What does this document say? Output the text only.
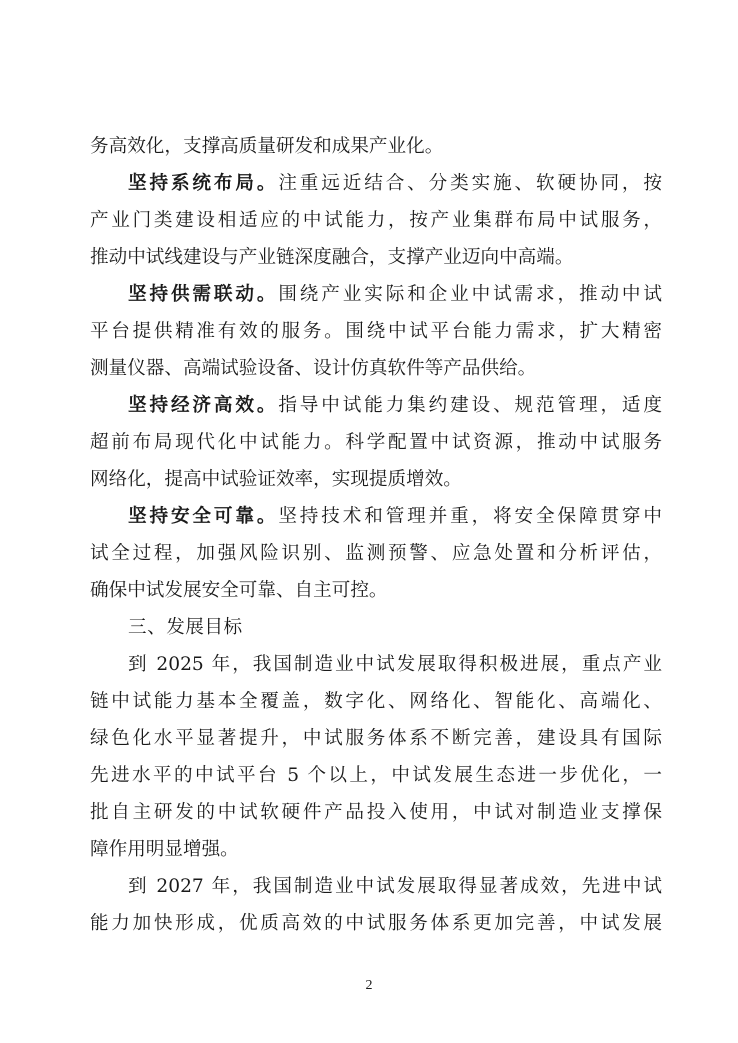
务高效化，支撑高质量研发和成果产业化。
坚持系统布局。注重远近结合、分类实施、软硬协同，按
产业门类建设相适应的中试能力，按产业集群布局中试服务，
推动中试线建设与产业链深度融合，支撑产业迈向中高端。
坚持供需联动。围绕产业实际和企业中试需求，推动中试
平台提供精准有效的服务。围绕中试平台能力需求，扩大精密
测量仪器、高端试验设备、设计仿真软件等产品供给。
坚持经济高效。指导中试能力集约建设、规范管理，适度
超前布局现代化中试能力。科学配置中试资源，推动中试服务
网络化，提高中试验证效率，实现提质增效。
坚持安全可靠。坚持技术和管理并重，将安全保障贯穿中
试全过程，加强风险识别、监测预警、应急处置和分析评估，
确保中试发展安全可靠、自主可控。
三、发展目标
到 2025 年，我国制造业中试发展取得积极进展，重点产业
链中试能力基本全覆盖，数字化、网络化、智能化、高端化、
绿色化水平显著提升，中试服务体系不断完善，建设具有国际
先进水平的中试平台 5 个以上，中试发展生态进一步优化，一
批自主研发的中试软硬件产品投入使用，中试对制造业支撑保
障作用明显增强。
到 2027 年，我国制造业中试发展取得显著成效，先进中试
能力加快形成，优质高效的中试服务体系更加完善，中试发展
2
